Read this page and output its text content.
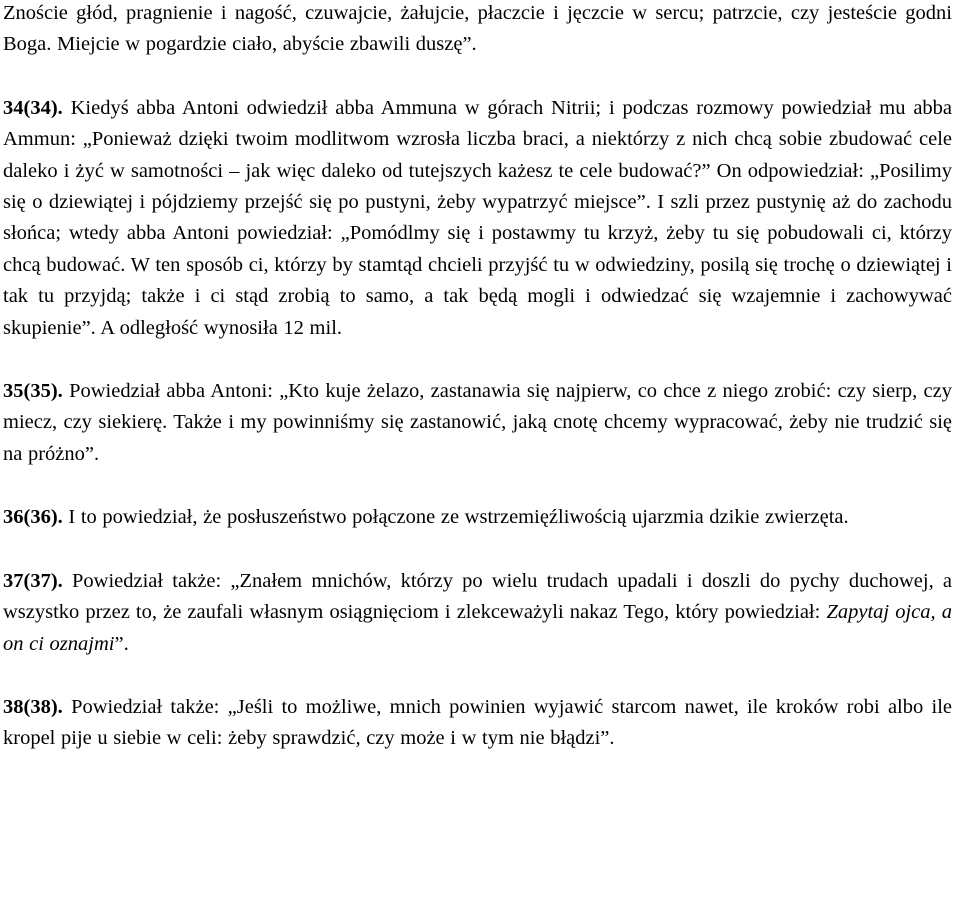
Znoście głód, pragnienie i nagość, czuwajcie, żałujcie, płaczcie i jęczcie w sercu; patrzcie, czy jesteście godni Boga. Miejcie w pogardzie ciało, abyście zbawili duszę”.

34(34). Kiedyś abba Antoni odwiedził abba Ammuna w górach Nitrii; i podczas rozmowy powiedział mu abba Ammun: „Ponieważ dzięki twoim modlitwom wzrosła liczba braci, a niektórzy z nich chcą sobie zbudować cele daleko i żyć w samotności – jak więc daleko od tutejszych każesz te cele budować?” On odpowiedział: „Posilimy się o dziewiątej i pójdziemy przejść się po pustyni, żeby wypatrzyć miejsce”. I szli przez pustynię aż do zachodu słońca; wtedy abba Antoni powiedział: „Pomódlmy się i postawmy tu krzyż, żeby tu się pobudowali ci, którzy chcą budować. W ten sposób ci, którzy by stamtąd chcieli przyjść tu w odwiedziny, posilą się trochę o dziewiątej i tak tu przyjdą; także i ci stąd zrobią to samo, a tak będą mogli i odwiedzać się wzajemnie i zachowywać skupienie”. A odległość wynosiła 12 mil.

35(35). Powiedział abba Antoni: „Kto kuje żelazo, zastanawia się najpierw, co chce z niego zrobić: czy sierp, czy miecz, czy siekierę. Także i my powinniśmy się zastanowić, jaką cnotę chcemy wypracować, żeby nie trudzić się na próżno”.

36(36). I to powiedział, że posłuszeństwo połączone ze wstrzemięźliwością ujarzmia dzikie zwierzęta.

37(37). Powiedział także: „Znałem mnichów, którzy po wielu trudach upadali i doszli do pychy duchowej, a wszystko przez to, że zaufali własnym osiągnięciom i zlekceważyli nakaz Tego, który powiedział: Zapytaj ojca, a on ci oznajmi”.

38(38). Powiedział także: „Jeśli to możliwe, mnich powinien wyjawić starcom nawet, ile kroków robi albo ile kropel pije u siebie w celi: żeby sprawdzić, czy może i w tym nie błądzi”.
